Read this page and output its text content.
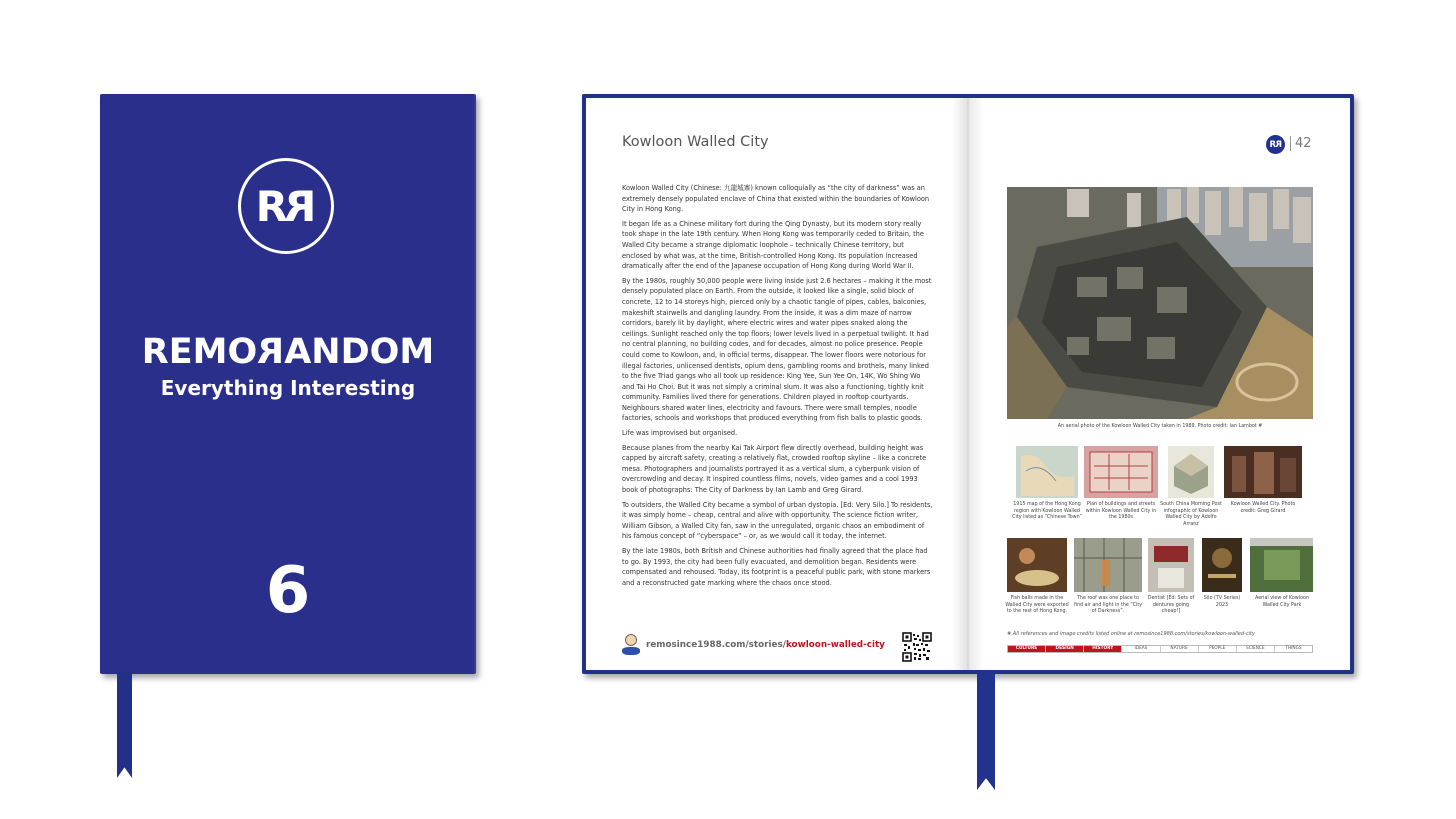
RR
REMORANDOM
Everything Interesting
6
Kowloon Walled City

Kowloon Walled City (Chinese: 九龍城寨) known colloquially as “the city of darkness” was an extremely densely populated enclave of China that existed within the boundaries of Kowloon City in Hong Kong.

It began life as a Chinese military fort during the Qing Dynasty, but its modern story really took shape in the late 19th century. When Hong Kong was temporarily ceded to Britain, the Walled City became a strange diplomatic loophole – technically Chinese territory, but enclosed by what was, at the time, British-controlled Hong Kong. Its population increased dramatically after the end of the Japanese occupation of Hong Kong during World War II.

By the 1980s, roughly 50,000 people were living inside just 2.6 hectares – making it the most densely populated place on Earth. From the outside, it looked like a single, solid block of concrete, 12 to 14 storeys high, pierced only by a chaotic tangle of pipes, cables, balconies, makeshift stairwells and dangling laundry. From the inside, it was a dim maze of narrow corridors, barely lit by daylight, where electric wires and water pipes snaked along the ceilings. Sunlight reached only the top floors; lower levels lived in a perpetual twilight. It had no central planning, no building codes, and for decades, almost no police presence. People could come to Kowloon, and, in official terms, disappear. The lower floors were notorious for illegal factories, unlicensed dentists, opium dens, gambling rooms and brothels, many linked to the five Triad gangs who all took up residence: King Yee, Sun Yee On, 14K, Wo Shing Wo and Tai Ho Choi. But it was not simply a criminal slum. It was also a functioning, tightly knit community. Families lived there for generations. Children played in rooftop courtyards. Neighbours shared water lines, electricity and favours. There were small temples, noodle factories, schools and workshops that produced everything from fish balls to plastic goods.

Life was improvised but organised.

Because planes from the nearby Kai Tak Airport flew directly overhead, building height was capped by aircraft safety, creating a relatively flat, crowded rooftop skyline – like a concrete mesa. Photographers and journalists portrayed it as a vertical slum, a cyberpunk vision of overcrowding and decay. It inspired countless films, novels, video games and a cool 1993 book of photographs: The City of Darkness by Ian Lamb and Greg Girard.

To outsiders, the Walled City became a symbol of urban dystopia. [Ed: Very Silo.] To residents, it was simply home – cheap, central and alive with opportunity. The science fiction writer, William Gibson, a Walled City fan, saw in the unregulated, organic chaos an embodiment of his famous concept of “cyberspace” – or, as we would call it today, the internet.

By the late 1980s, both British and Chinese authorities had finally agreed that the place had to go. By 1993, the city had been fully evacuated, and demolition began. Residents were compensated and rehoused. Today, its footprint is a peaceful public park, with stone markers and a reconstructed gate marking where the chaos once stood.

remosince1988.com/stories/kowloon-walled-city
RR	42
An aerial photo of the Kowloon Walled City taken in 1989. Photo credit: Ian Lambot #
1915 map of the Hong Kong region with Kowloon Walled City listed as “Chinese Town”
Plan of buildings and streets within Kowloon Walled City in the 1980s
South China Morning Post infographic of Kowloon Walled City by Adolfo Arranz
Kowloon Walled City. Photo credit: Greg Girard
Fish balls made in the Walled City were exported to the rest of Hong Kong.
The roof was one place to find air and light in the “City of Darkness”.
Dentist [Ed: Sets of dentures going cheap!]
Silo (TV Series) 2023
Aerial view of Kowloon Walled City Park
# All references and image credits listed online at remosince1988.com/stories/kowloon-walled-city
CULTURE	DESIGN	HISTORY	IDEAS	NATURE	PEOPLE	SCIENCE	THINGS
